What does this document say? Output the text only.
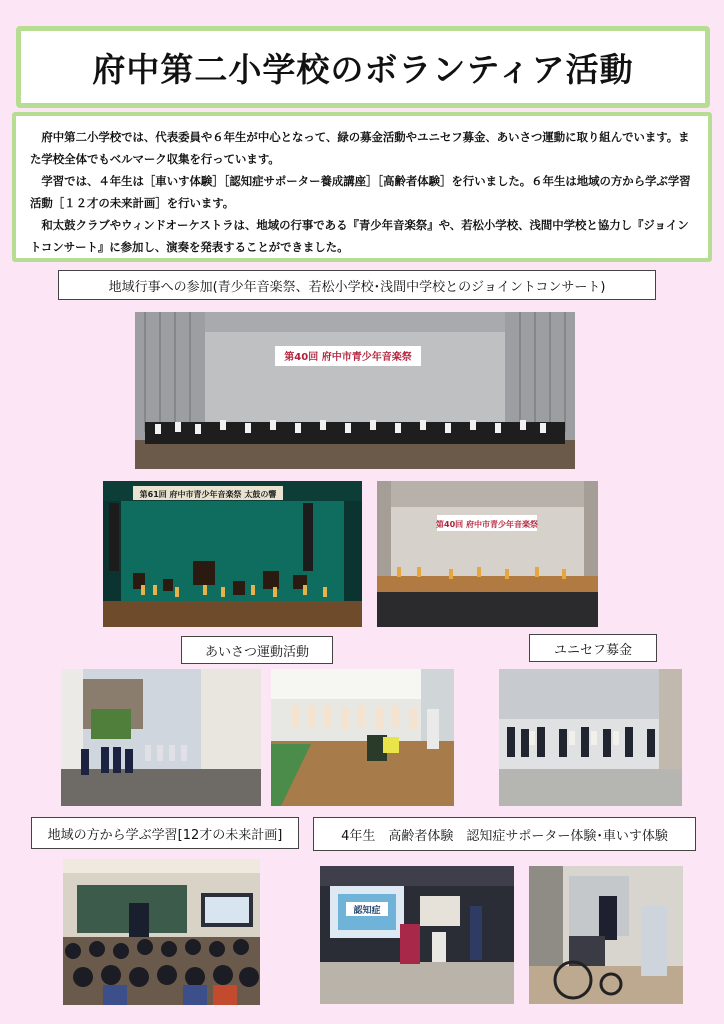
府中第二小学校のボランティア活動

府中第二小学校では、代表委員や６年生が中心となって、緑の募金活動やユニセフ募金、あいさつ運動に取り組んでいます。また学校全体でもベルマーク収集を行っています。

学習では、４年生は［車いす体験］［認知症サポーター養成講座］［高齢者体験］を行いました。６年生は地域の方から学ぶ学習活動［１２才の未来計画］を行います。

和太鼓クラブやウィンドオーケストラは、地域の行事である『青少年音楽祭』や、若松小学校、浅間中学校と協力し『ジョイントコンサート』に参加し、演奏を発表することができました。

地域行事への参加(青少年音楽祭、若松小学校･浅間中学校とのジョイントコンサート)
第40回 府中市青少年音楽祭
第61回 府中市青少年音楽祭 太鼓の響
第40回 府中市青少年音楽祭
あいさつ運動活動	ユニセフ募金
地域の方から学ぶ学習[12才の未来計画]	4年生　高齢者体験　認知症サポーター体験･車いす体験
認知症
